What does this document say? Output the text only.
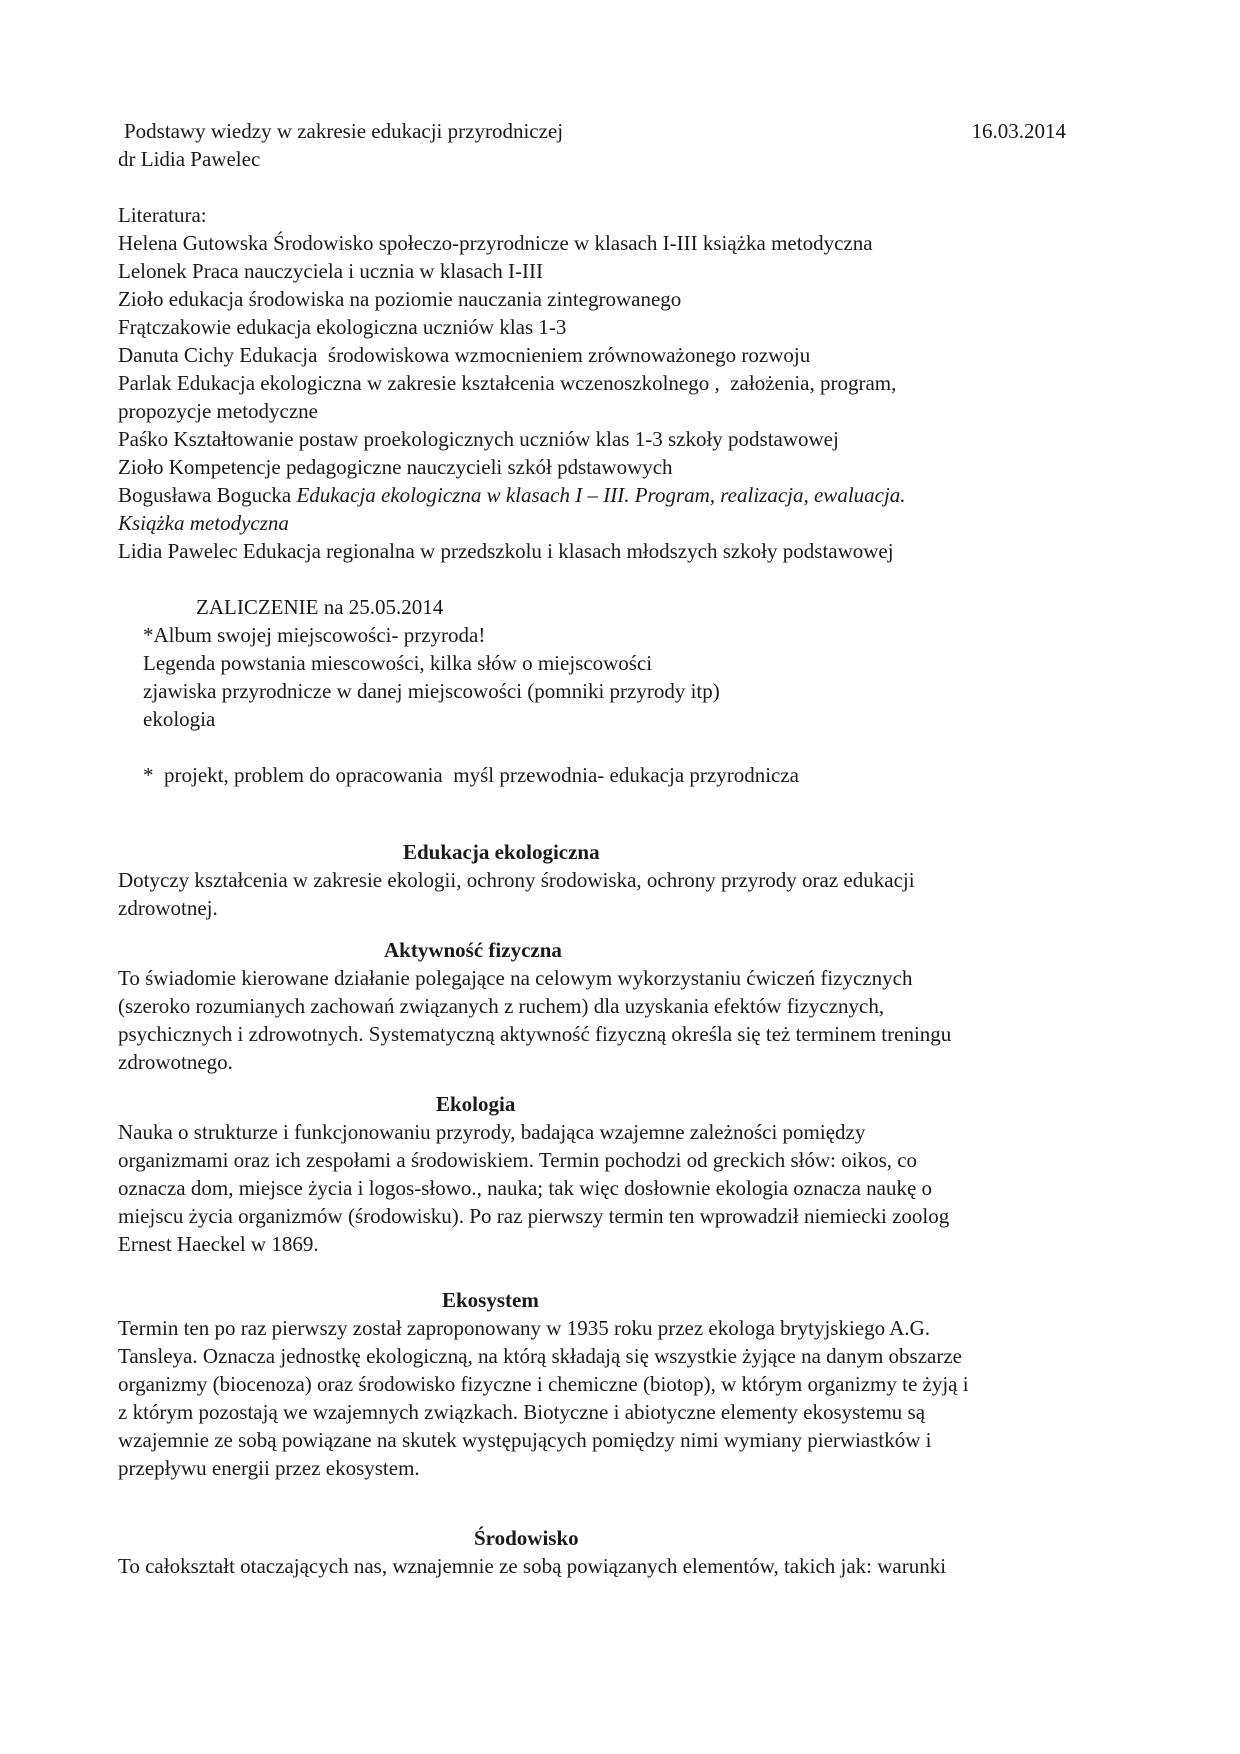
Podstawy wiedzy w zakresie edukacji przyrodniczej	16.03.2014
dr Lidia Pawelec
Literatura:
Helena Gutowska Środowisko społeczo-przyrodnicze w klasach I-III książka metodyczna
Lelonek Praca nauczyciela i ucznia w klasach I-III
Zioło edukacja środowiska na poziomie nauczania zintegrowanego
Frątczakowie edukacja ekologiczna uczniów klas 1-3
Danuta Cichy Edukacja  środowiskowa wzmocnieniem zrównoważonego rozwoju
Parlak Edukacja ekologiczna w zakresie kształcenia wczenoszkolnego ,  założenia, program,
propozycje metodyczne
Paśko Kształtowanie postaw proekologicznych uczniów klas 1-3 szkoły podstawowej
Zioło Kompetencje pedagogiczne nauczycieli szkół pdstawowych
Bogusława Bogucka Edukacja ekologiczna w klasach I – III. Program, realizacja, ewaluacja.
Książka metodyczna
Lidia Pawelec Edukacja regionalna w przedszkolu i klasach młodszych szkoły podstawowej
ZALICZENIE na 25.05.2014
*Album swojej miejscowości- przyroda!
Legenda powstania miescowości, kilka słów o miejscowości
zjawiska przyrodnicze w danej miejscowości (pomniki przyrody itp)
ekologia
*  projekt, problem do opracowania  myśl przewodnia- edukacja przyrodnicza
Edukacja ekologiczna
Dotyczy kształcenia w zakresie ekologii, ochrony środowiska, ochrony przyrody oraz edukacji
zdrowotnej.
Aktywność fizyczna
To świadomie kierowane działanie polegające na celowym wykorzystaniu ćwiczeń fizycznych
(szeroko rozumianych zachowań związanych z ruchem) dla uzyskania efektów fizycznych,
psychicznych i zdrowotnych. Systematyczną aktywność fizyczną określa się też terminem treningu
zdrowotnego.
Ekologia
Nauka o strukturze i funkcjonowaniu przyrody, badająca wzajemne zależności pomiędzy
organizmami oraz ich zespołami a środowiskiem. Termin pochodzi od greckich słów: oikos, co
oznacza dom, miejsce życia i logos-słowo., nauka; tak więc dosłownie ekologia oznacza naukę o
miejscu życia organizmów (środowisku). Po raz pierwszy termin ten wprowadził niemiecki zoolog
Ernest Haeckel w 1869.
Ekosystem
Termin ten po raz pierwszy został zaproponowany w 1935 roku przez ekologa brytyjskiego A.G.
Tansleya. Oznacza jednostkę ekologiczną, na którą składają się wszystkie żyjące na danym obszarze
organizmy (biocenoza) oraz środowisko fizyczne i chemiczne (biotop), w którym organizmy te żyją i
z którym pozostają we wzajemnych związkach. Biotyczne i abiotyczne elementy ekosystemu są
wzajemnie ze sobą powiązane na skutek występujących pomiędzy nimi wymiany pierwiastków i
przepływu energii przez ekosystem.
Środowisko
To całokształt otaczających nas, wznajemnie ze sobą powiązanych elementów, takich jak: warunki
